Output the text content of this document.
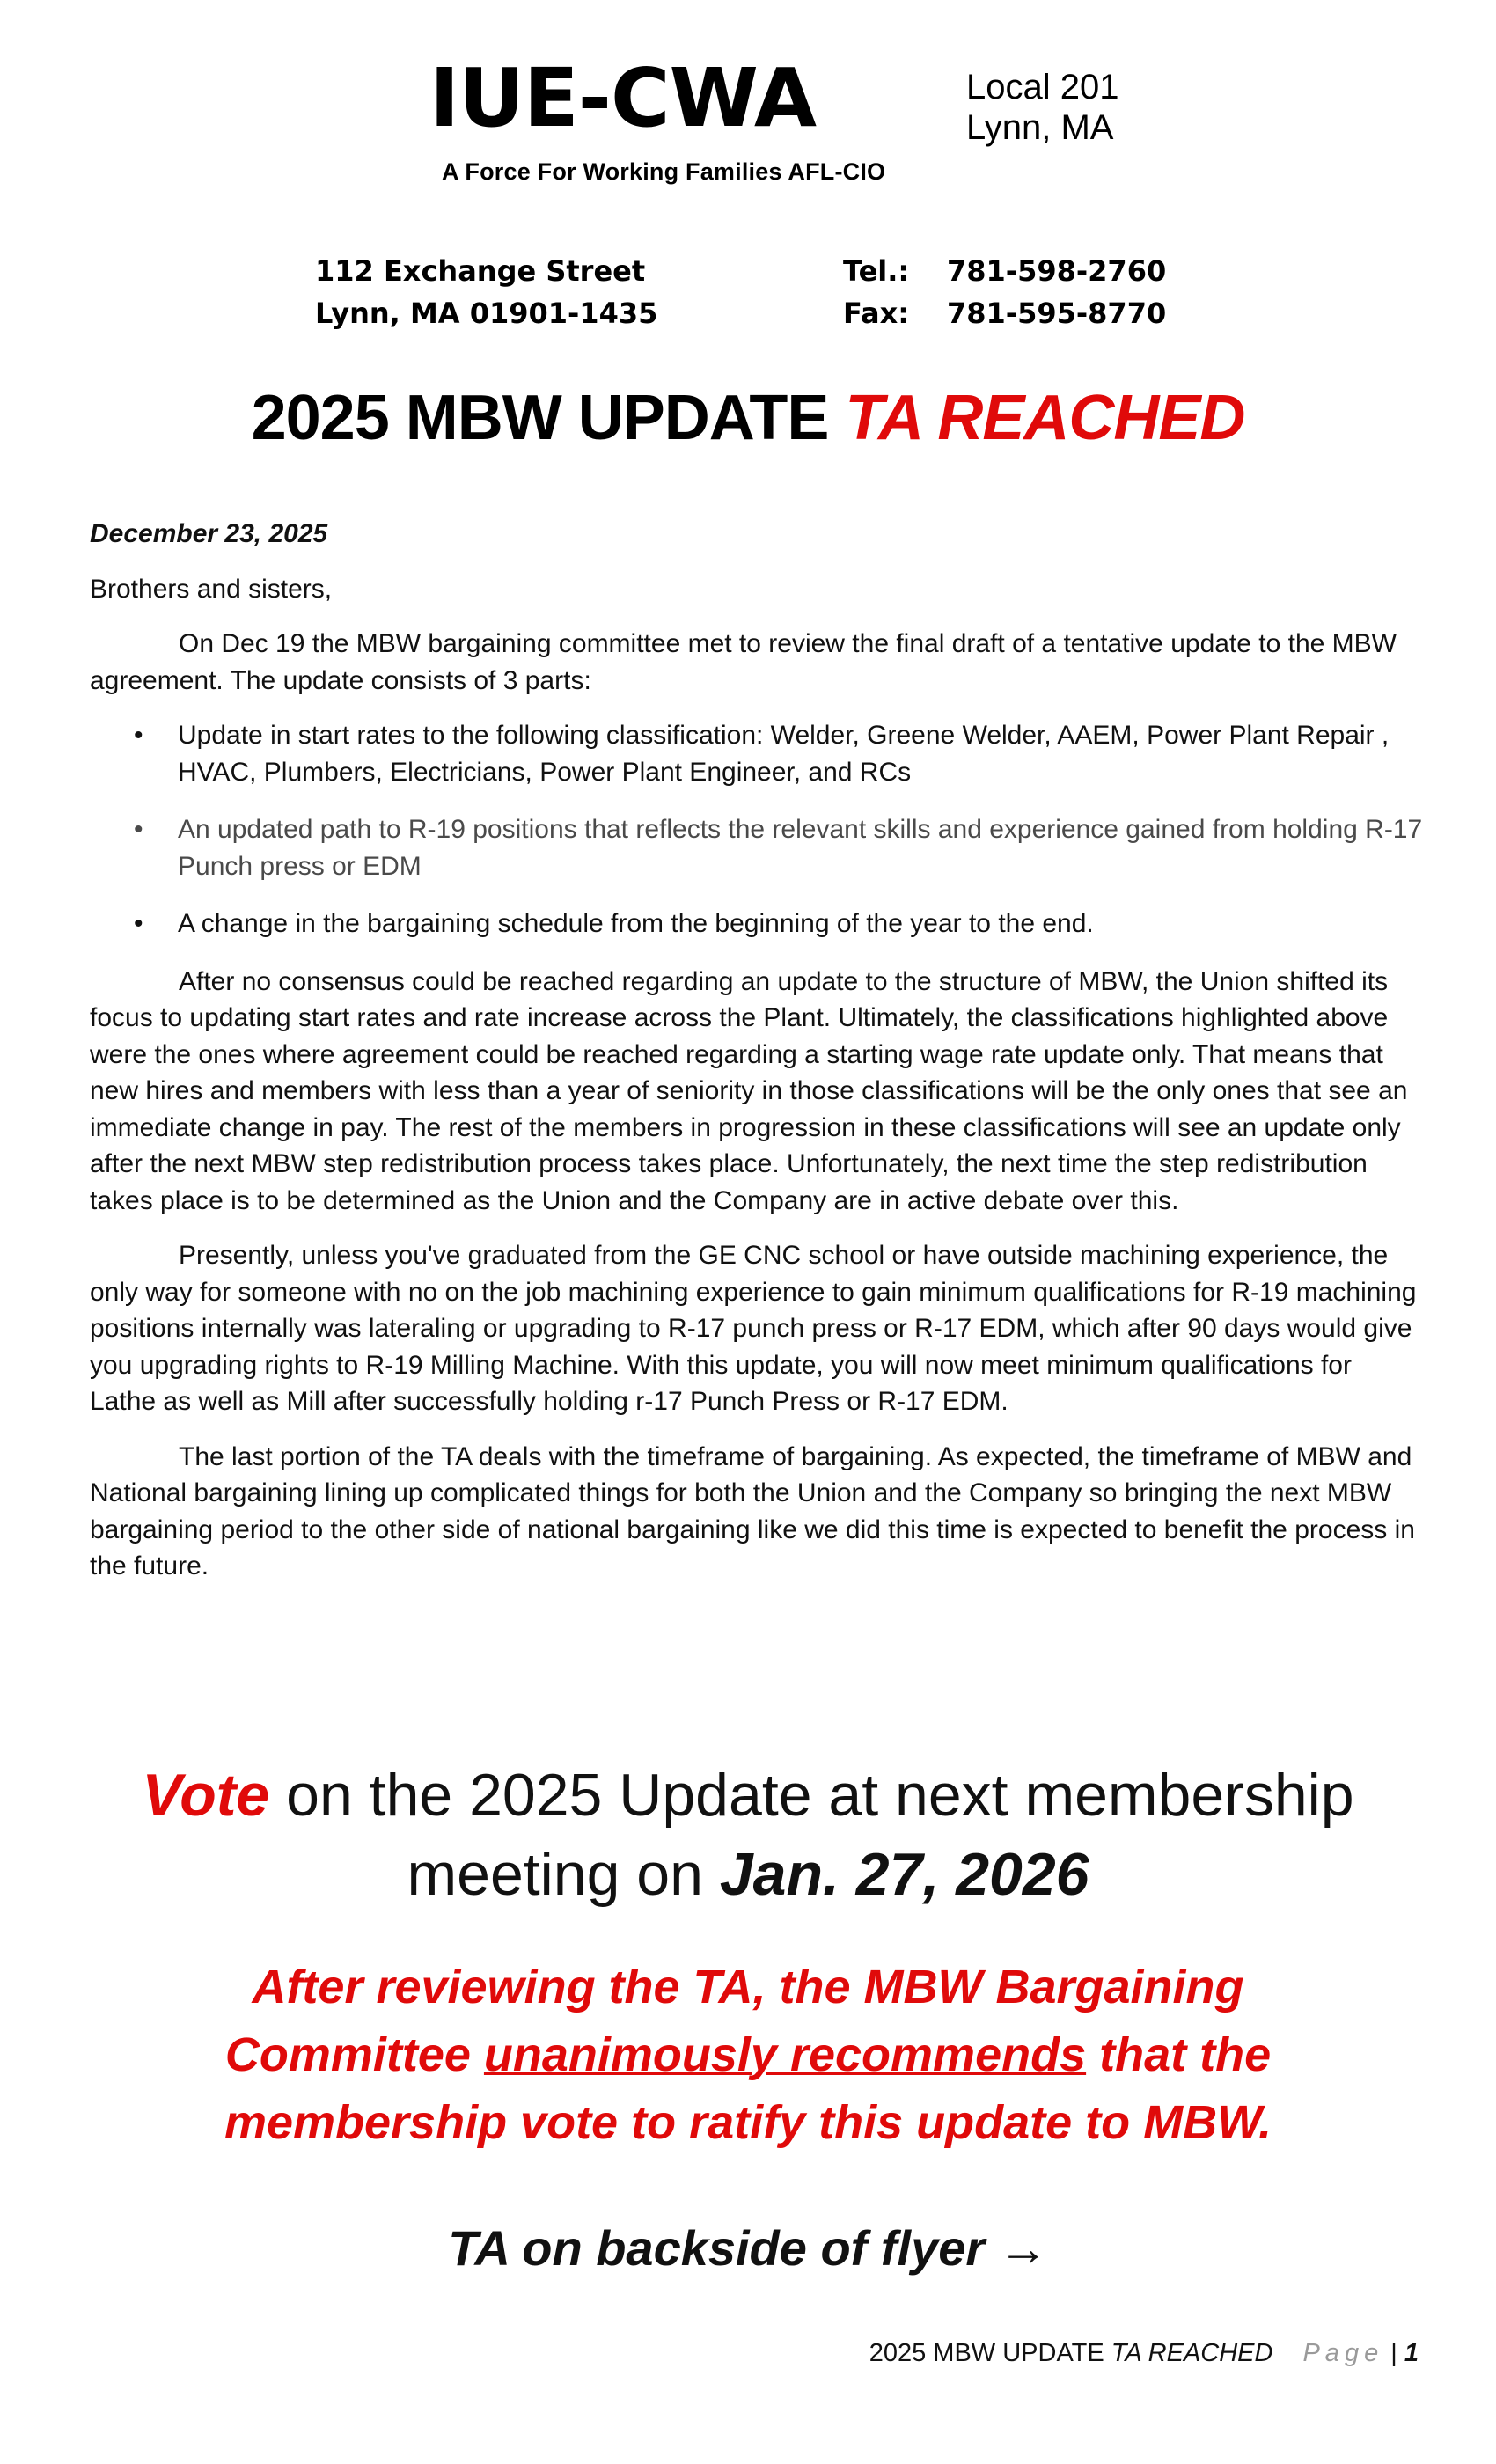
IUE-CWA	Local 201
Lynn, MA
A Force For Working Families AFL-CIO
112 Exchange Street
Lynn, MA 01901-1435
Tel.: 781-598-2760
Fax: 781-595-8770
2025 MBW UPDATE TA REACHED

December 23, 2025

Brothers and sisters,

On Dec 19 the MBW bargaining committee met to review the final draft of a tentative update to the MBW agreement. The update consists of 3 parts:

• Update in start rates to the following classification: Welder, Greene Welder, AAEM, Power Plant Repair , HVAC, Plumbers, Electricians, Power Plant Engineer, and RCs
• An updated path to R-19 positions that reflects the relevant skills and experience gained from holding R-17 Punch press or EDM
• A change in the bargaining schedule from the beginning of the year to the end.

After no consensus could be reached regarding an update to the structure of MBW, the Union shifted its focus to updating start rates and rate increase across the Plant. Ultimately, the classifications highlighted above were the ones where agreement could be reached regarding a starting wage rate update only. That means that new hires and members with less than a year of seniority in those classifications will be the only ones that see an immediate change in pay. The rest of the members in progression in these classifications will see an update only after the next MBW step redistribution process takes place. Unfortunately, the next time the step redistribution takes place is to be determined as the Union and the Company are in active debate over this.

Presently, unless you've graduated from the GE CNC school or have outside machining experience, the only way for someone with no on the job machining experience to gain minimum qualifications for R-19 machining positions internally was lateraling or upgrading to R-17 punch press or R-17 EDM, which after 90 days would give you upgrading rights to R-19 Milling Machine. With this update, you will now meet minimum qualifications for Lathe as well as Mill after successfully holding r-17 Punch Press or R-17 EDM.

The last portion of the TA deals with the timeframe of bargaining. As expected, the timeframe of MBW and National bargaining lining up complicated things for both the Union and the Company so bringing the next MBW bargaining period to the other side of national bargaining like we did this time is expected to benefit the process in the future.

Vote on the 2025 Update at next membership
meeting on Jan. 27, 2026
After reviewing the TA, the MBW Bargaining
Committee unanimously recommends that the
membership vote to ratify this update to MBW.
TA on backside of flyer →
2025 MBW UPDATE TA REACHED Page | 1
